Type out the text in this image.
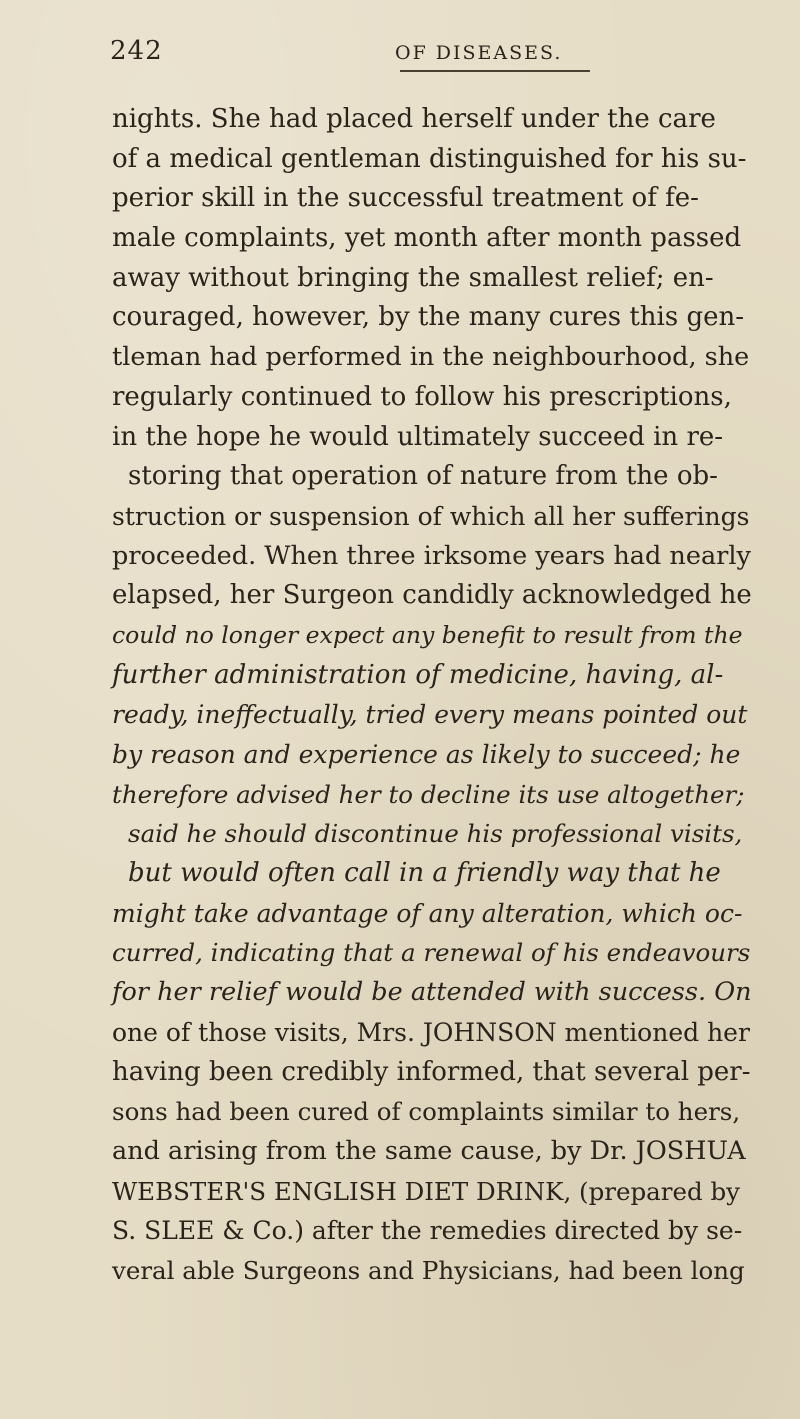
242	OF DISEASES.
nights. She had placed herself under the care
of a medical gentleman distinguished for his su-
perior skill in the successful treatment of fe-
male complaints, yet month after month passed
away without bringing the smallest relief; en-
couraged, however, by the many cures this gen-
tleman had performed in the neighbourhood, she
regularly continued to follow his prescriptions,
in the hope he would ultimately succeed in re-
storing that operation of nature from the ob-
struction or suspension of which all her sufferings
proceeded. When three irksome years had nearly
elapsed, her Surgeon candidly acknowledged he
could no longer expect any benefit to result from the
further administration of medicine, having, al-
ready, ineffectually, tried every means pointed out
by reason and experience as likely to succeed; he
therefore advised her to decline its use altogether;
said he should discontinue his professional visits,
but would often call in a friendly way that he
might take advantage of any alteration, which oc-
curred, indicating that a renewal of his endeavours
for her relief would be attended with success. On
one of those visits, Mrs. JOHNSON mentioned her
having been credibly informed, that several per-
sons had been cured of complaints similar to hers,
and arising from the same cause, by Dr. JOSHUA
WEBSTER'S ENGLISH DIET DRINK, (prepared by
S. SLEE & Co.) after the remedies directed by se-
veral able Surgeons and Physicians, had been long
